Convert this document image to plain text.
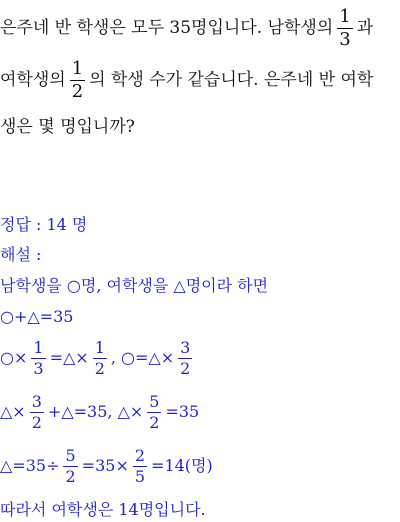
은주네 반 학생은 모두 35명입니다. 남학생의 $\frac{1}{3}$ 과
여학생의 $\frac{1}{2}$ 의 학생 수가 같습니다. 은주네 반 여학
생은 몇 명입니까?
정답 : 14 명
해설 :
남학생을 ○명, 여학생을 △명이라 하면
○+△=35
○× $\frac{1}{3}$ =△× $\frac{1}{2}$ , ○=△× $\frac{3}{2}$
△× $\frac{3}{2}$ +△=35, △× $\frac{5}{2} =35$
△=35÷ $\frac{5}{2} =35\times \frac{2}{5} =14$(명)
따라서 여학생은 14명입니다.
